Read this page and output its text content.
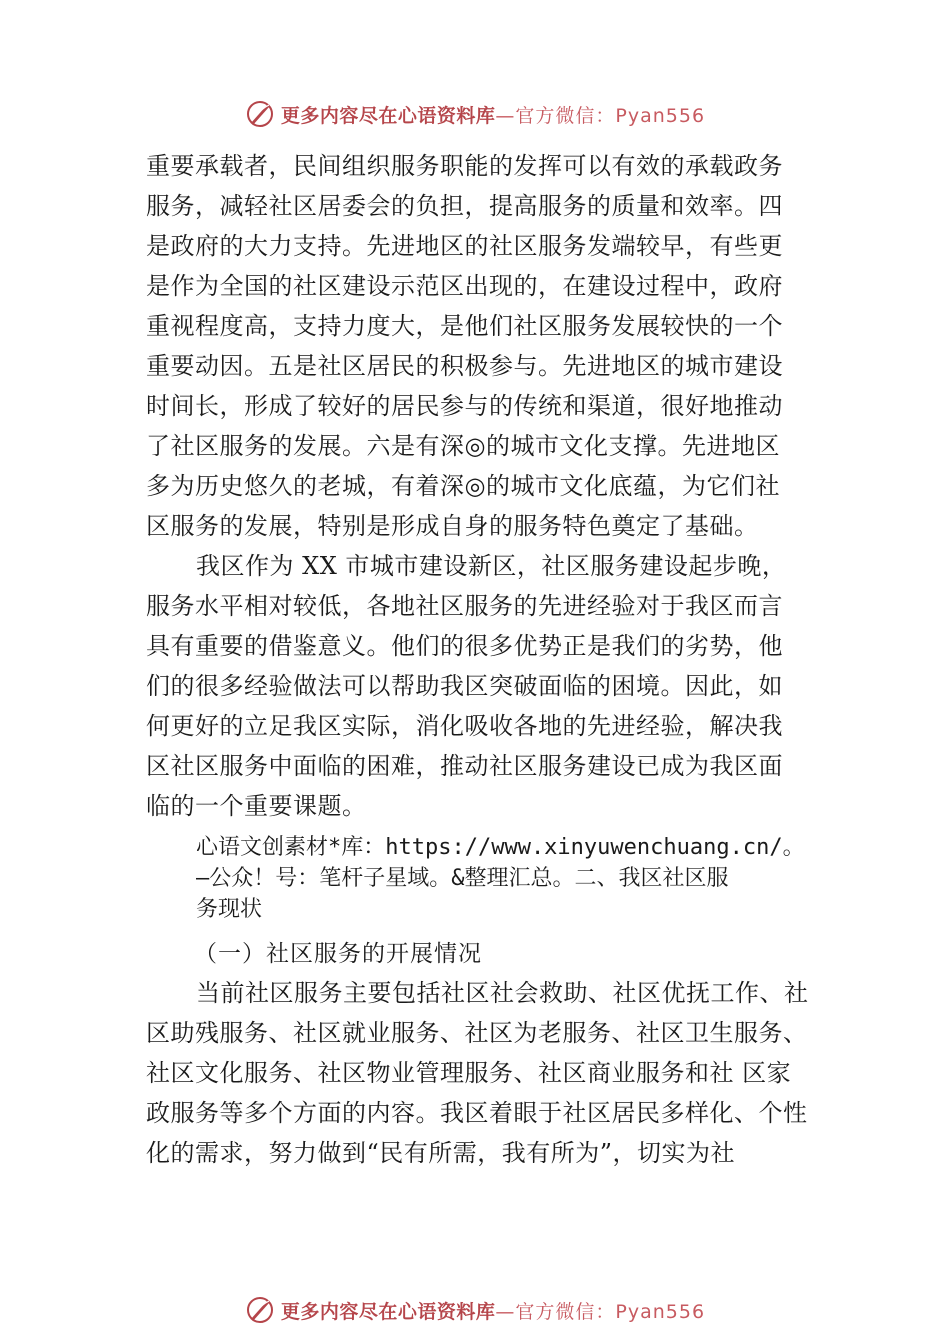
更多内容尽在心语资料库 —官方微信：Pyan556

重要承载者，民间组织服务职能的发挥可以有效的承载政务
服务，减轻社区居委会的负担，提高服务的质量和效率。四
是政府的大力支持。先进地区的社区服务发端较早，有些更
是作为全国的社区建设示范区出现的，在建设过程中，政府
重视程度高，支持力度大，是他们社区服务发展较快的一个
重要动因。五是社区居民的积极参与。先进地区的城市建设
时间长，形成了较好的居民参与的传统和渠道，很好地推动
了社区服务的发展。六是有深◎的城市文化支撑。先进地区
多为历史悠久的老城，有着深◎的城市文化底蕴，为它们社
区服务的发展，特别是形成自身的服务特色奠定了基础。

我区作为 XX 市城市建设新区，社区服务建设起步晚，
服务水平相对较低，各地社区服务的先进经验对于我区而言
具有重要的借鉴意义。他们的很多优势正是我们的劣势，他
们的很多经验做法可以帮助我区突破面临的困境。因此，如
何更好的立足我区实际，消化吸收各地的先进经验，解决我
区社区服务中面临的困难，推动社区服务建设已成为我区面
临的一个重要课题。

心语文创素材*库：https://www.xinyuwenchuang.cn/。
—公众！号：笔杆子星域。&整理汇总。二、我区社区服
务现状
（一）社区服务的开展情况

当前社区服务主要包括社区社会救助、社区优抚工作、社
区助残服务、社区就业服务、社区为老服务、社区卫生服务、
社区文化服务、社区物业管理服务、社区商业服务和社 区家
政服务等多个方面的内容。我区着眼于社区居民多样化、个性
化的需求，努力做到“民有所需，我有所为”，切实为社

更多内容尽在心语资料库 —官方微信：Pyan556
